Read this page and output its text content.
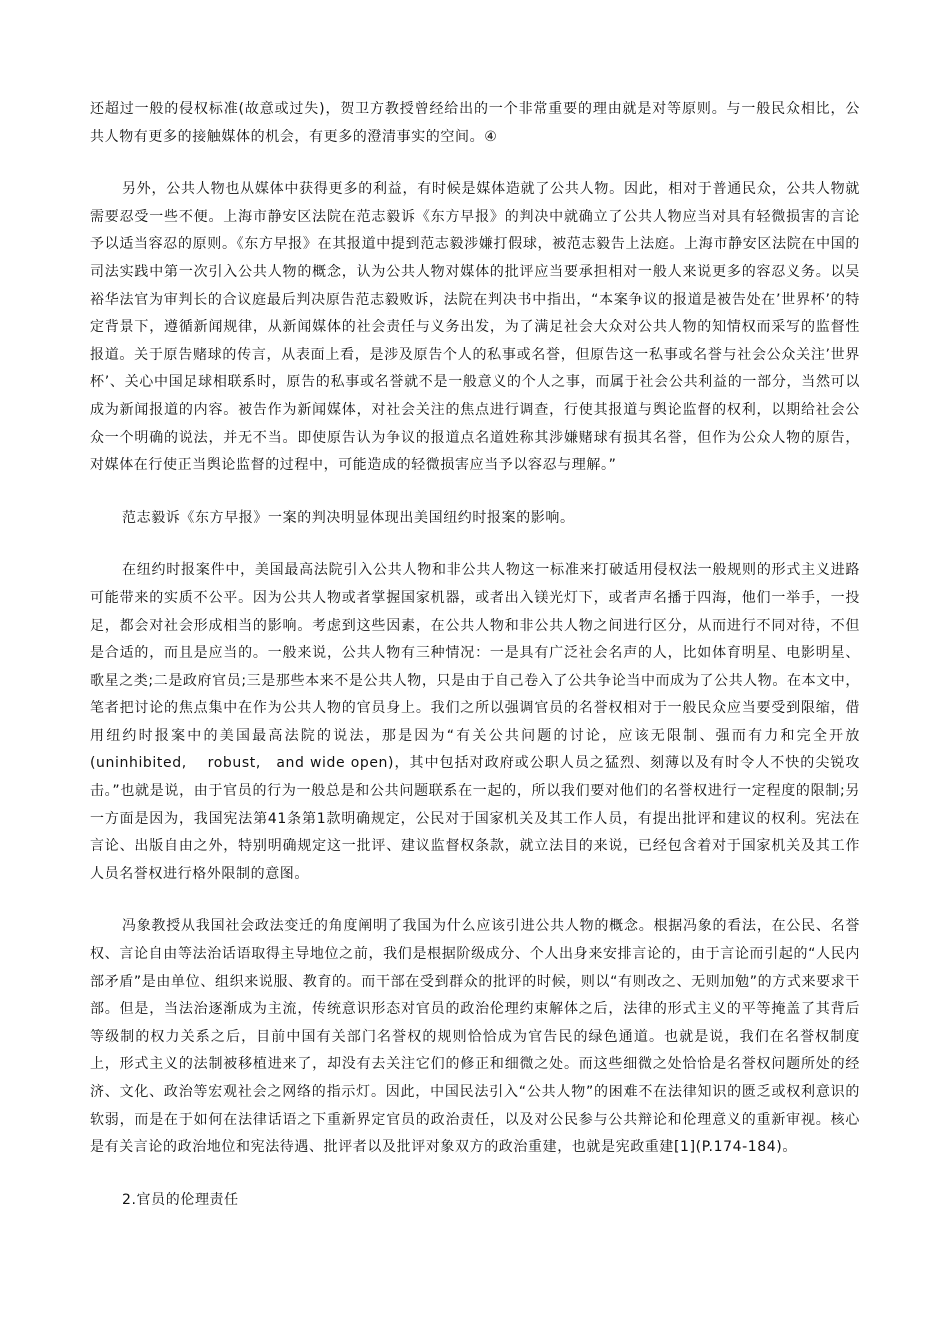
还超过一般的侵权标准(故意或过失)，贺卫方教授曾经给出的一个非常重要的理由就是对等原则。与一般民众相比，公共人物有更多的接触媒体的机会，有更多的澄清事实的空间。④

另外，公共人物也从媒体中获得更多的利益，有时候是媒体造就了公共人物。因此，相对于普通民众，公共人物就需要忍受一些不便。上海市静安区法院在范志毅诉《东方早报》的判决中就确立了公共人物应当对具有轻微损害的言论予以适当容忍的原则。《东方早报》在其报道中提到范志毅涉嫌打假球，被范志毅告上法庭。上海市静安区法院在中国的司法实践中第一次引入公共人物的概念，认为公共人物对媒体的批评应当要承担相对一般人来说更多的容忍义务。以吴裕华法官为审判长的合议庭最后判决原告范志毅败诉，法院在判决书中指出，“本案争议的报道是被告处在’世界杯’的特定背景下，遵循新闻规律，从新闻媒体的社会责任与义务出发，为了满足社会大众对公共人物的知情权而采写的监督性报道。关于原告赌球的传言，从表面上看，是涉及原告个人的私事或名誉，但原告这一私事或名誉与社会公众关注’世界杯’、关心中国足球相联系时，原告的私事或名誉就不是一般意义的个人之事，而属于社会公共利益的一部分，当然可以成为新闻报道的内容。被告作为新闻媒体，对社会关注的焦点进行调查，行使其报道与舆论监督的权利，以期给社会公众一个明确的说法，并无不当。即使原告认为争议的报道点名道姓称其涉嫌赌球有损其名誉，但作为公众人物的原告，对媒体在行使正当舆论监督的过程中，可能造成的轻微损害应当予以容忍与理解。”

范志毅诉《东方早报》一案的判决明显体现出美国纽约时报案的影响。

在纽约时报案件中，美国最高法院引入公共人物和非公共人物这一标准来打破适用侵权法一般规则的形式主义进路可能带来的实质不公平。因为公共人物或者掌握国家机器，或者出入镁光灯下，或者声名播于四海，他们一举手，一投足，都会对社会形成相当的影响。考虑到这些因素，在公共人物和非公共人物之间进行区分，从而进行不同对待，不但是合适的，而且是应当的。一般来说，公共人物有三种情况：一是具有广泛社会名声的人，比如体育明星、电影明星、歌星之类;二是政府官员;三是那些本来不是公共人物，只是由于自己卷入了公共争论当中而成为了公共人物。在本文中，笔者把讨论的焦点集中在作为公共人物的官员身上。我们之所以强调官员的名誉权相对于一般民众应当要受到限缩，借用纽约时报案中的美国最高法院的说法，那是因为“有关公共问题的讨论，应该无限制、强而有力和完全开放(uninhibited,　 robust,　and wide open)，其中包括对政府或公职人员之猛烈、刻薄以及有时令人不快的尖锐攻击。”也就是说，由于官员的行为一般总是和公共问题联系在一起的，所以我们要对他们的名誉权进行一定程度的限制;另一方面是因为，我国宪法第41条第1款明确规定，公民对于国家机关及其工作人员，有提出批评和建议的权利。宪法在言论、出版自由之外，特别明确规定这一批评、建议监督权条款，就立法目的来说，已经包含着对于国家机关及其工作人员名誉权进行格外限制的意图。

冯象教授从我国社会政法变迁的角度阐明了我国为什么应该引进公共人物的概念。根据冯象的看法，在公民、名誉权、言论自由等法治话语取得主导地位之前，我们是根据阶级成分、个人出身来安排言论的，由于言论而引起的“人民内部矛盾”是由单位、组织来说服、教育的。而干部在受到群众的批评的时候，则以“有则改之、无则加勉”的方式来要求干部。但是，当法治逐渐成为主流，传统意识形态对官员的政治伦理约束解体之后，法律的形式主义的平等掩盖了其背后等级制的权力关系之后，目前中国有关部门名誉权的规则恰恰成为官告民的绿色通道。也就是说，我们在名誉权制度上，形式主义的法制被移植进来了，却没有去关注它们的修正和细微之处。而这些细微之处恰恰是名誉权问题所处的经济、文化、政治等宏观社会之网络的指示灯。因此，中国民法引入“公共人物”的困难不在法律知识的匮乏或权利意识的软弱，而是在于如何在法律话语之下重新界定官员的政治责任，以及对公民参与公共辩论和伦理意义的重新审视。核心是有关言论的政治地位和宪法待遇、批评者以及批评对象双方的政治重建，也就是宪政重建[1](P.174-184)。

2.官员的伦理责任
